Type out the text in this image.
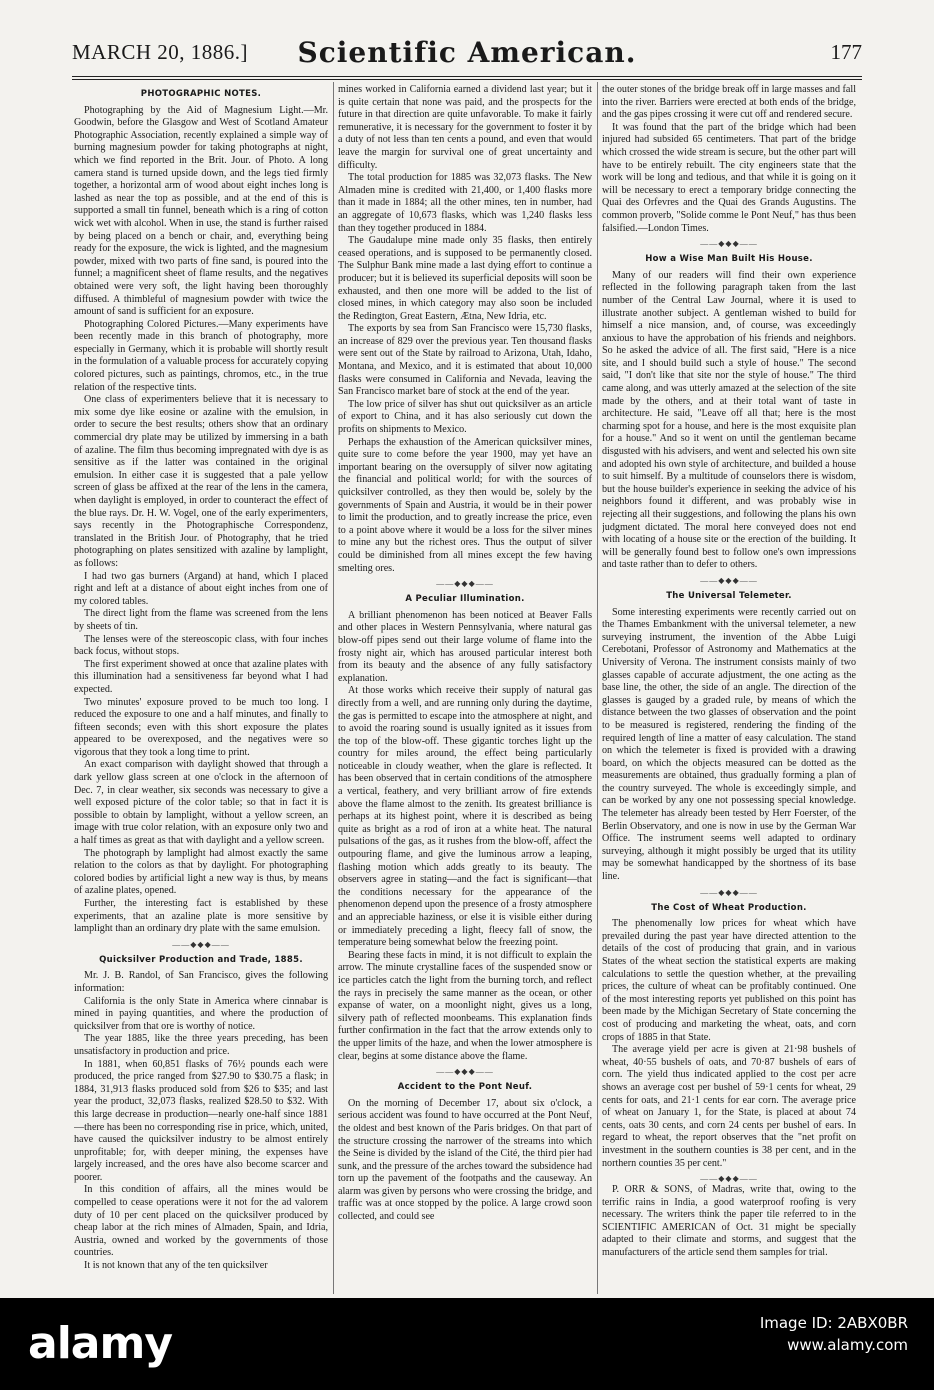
MARCH 20, 1886.]	Scientific American.	177
PHOTOGRAPHIC NOTES.

Photographing by the Aid of Magnesium Light.—Mr. Goodwin, before the Glasgow and West of Scotland Amateur Photographic Association, recently explained a simple way of burning magnesium powder for taking photographs at night, which we find reported in the Brit. Jour. of Photo. A long camera stand is turned upside down, and the legs tied firmly together, a horizontal arm of wood about eight inches long is lashed as near the top as possible, and at the end of this is supported a small tin funnel, beneath which is a ring of cotton wick wet with alcohol. When in use, the stand is further raised by being placed on a bench or chair, and, everything being ready for the exposure, the wick is lighted, and the magnesium powder, mixed with two parts of fine sand, is poured into the funnel; a magnificent sheet of flame results, and the negatives obtained were very soft, the light having been thoroughly diffused. A thimbleful of magnesium powder with twice the amount of sand is sufficient for an exposure.

Photographing Colored Pictures.—Many experiments have been recently made in this branch of photography, more especially in Germany, which it is probable will shortly result in the formulation of a valuable process for accurately copying colored pictures, such as paintings, chromos, etc., in the true relation of the respective tints.

One class of experimenters believe that it is necessary to mix some dye like eosine or azaline with the emulsion, in order to secure the best results; others show that an ordinary commercial dry plate may be utilized by immersing in a bath of azaline. The film thus becoming impregnated with dye is as sensitive as if the latter was contained in the original emulsion. In either case it is suggested that a pale yellow screen of glass be affixed at the rear of the lens in the camera, when daylight is employed, in order to counteract the effect of the blue rays. Dr. H. W. Vogel, one of the early experimenters, says recently in the Photographische Correspondenz, translated in the British Jour. of Photography, that he tried photographing on plates sensitized with azaline by lamplight, as follows:

I had two gas burners (Argand) at hand, which I placed right and left at a distance of about eight inches from one of my colored tables.

The direct light from the flame was screened from the lens by sheets of tin.

The lenses were of the stereoscopic class, with four inches back focus, without stops.

The first experiment showed at once that azaline plates with this illumination had a sensitiveness far beyond what I had expected.

Two minutes' exposure proved to be much too long. I reduced the exposure to one and a half minutes, and finally to fifteen seconds; even with this short exposure the plates appeared to be overexposed, and the negatives were so vigorous that they took a long time to print.

An exact comparison with daylight showed that through a dark yellow glass screen at one o'clock in the afternoon of Dec. 7, in clear weather, six seconds was necessary to give a well exposed picture of the color table; so that in fact it is possible to obtain by lamplight, without a yellow screen, an image with true color relation, with an exposure only two and a half times as great as that with daylight and a yellow screen.

The photograph by lamplight had almost exactly the same relation to the colors as that by daylight. For photographing colored bodies by artificial light a new way is thus, by means of azaline plates, opened.

Further, the interesting fact is established by these experiments, that an azaline plate is more sensitive by lamplight than an ordinary dry plate with the same emulsion.

——◆◆◆——
Quicksilver Production and Trade, 1885.

Mr. J. B. Randol, of San Francisco, gives the following information:

California is the only State in America where cinnabar is mined in paying quantities, and where the production of quicksilver from that ore is worthy of notice.

The year 1885, like the three years preceding, has been unsatisfactory in production and price.

In 1881, when 60,851 flasks of 76½ pounds each were produced, the price ranged from $27.90 to $30.75 a flask; in 1884, 31,913 flasks produced sold from $26 to $35; and last year the product, 32,073 flasks, realized $28.50 to $32. With this large decrease in production—nearly one-half since 1881—there has been no corresponding rise in price, which, united, have caused the quicksilver industry to be almost entirely unprofitable; for, with deeper mining, the expenses have largely increased, and the ores have also become scarcer and poorer.

In this condition of affairs, all the mines would be compelled to cease operations were it not for the ad valorem duty of 10 per cent placed on the quicksilver produced by cheap labor at the rich mines of Almaden, Spain, and Idria, Austria, owned and worked by the governments of those countries.

It is not known that any of the ten quicksilver

mines worked in California earned a dividend last year; but it is quite certain that none was paid, and the prospects for the future in that direction are quite unfavorable. To make it fairly remunerative, it is necessary for the government to foster it by a duty of not less than ten cents a pound, and even that would leave the margin for survival one of great uncertainty and difficulty.

The total production for 1885 was 32,073 flasks. The New Almaden mine is credited with 21,400, or 1,400 flasks more than it made in 1884; all the other mines, ten in number, had an aggregate of 10,673 flasks, which was 1,240 flasks less than they together produced in 1884.

The Gaudalupe mine made only 35 flasks, then entirely ceased operations, and is supposed to be permanently closed. The Sulphur Bank mine made a last dying effort to continue a producer; but it is believed its superficial deposits will soon be exhausted, and then one more will be added to the list of closed mines, in which category may also soon be included the Redington, Great Eastern, Ætna, New Idria, etc.

The exports by sea from San Francisco were 15,730 flasks, an increase of 829 over the previous year. Ten thousand flasks were sent out of the State by railroad to Arizona, Utah, Idaho, Montana, and Mexico, and it is estimated that about 10,000 flasks were consumed in California and Nevada, leaving the San Francisco market bare of stock at the end of the year.

The low price of silver has shut out quicksilver as an article of export to China, and it has also seriously cut down the profits on shipments to Mexico.

Perhaps the exhaustion of the American quicksilver mines, quite sure to come before the year 1900, may yet have an important bearing on the oversupply of silver now agitating the financial and political world; for with the sources of quicksilver controlled, as they then would be, solely by the governments of Spain and Austria, it would be in their power to limit the production, and to greatly increase the price, even to a point above where it would be a loss for the silver mines to mine any but the richest ores. Thus the output of silver could be diminished from all mines except the few having smelting ores.

——◆◆◆——
A Peculiar Illumination.

A brilliant phenomenon has been noticed at Beaver Falls and other places in Western Pennsylvania, where natural gas blow-off pipes send out their large volume of flame into the frosty night air, which has aroused particular interest both from its beauty and the absence of any fully satisfactory explanation.

At those works which receive their supply of natural gas directly from a well, and are running only during the daytime, the gas is permitted to escape into the atmosphere at night, and to avoid the roaring sound is usually ignited as it issues from the top of the blow-off. These gigantic torches light up the country for miles around, the effect being particularly noticeable in cloudy weather, when the glare is reflected. It has been observed that in certain conditions of the atmosphere a vertical, feathery, and very brilliant arrow of fire extends above the flame almost to the zenith. Its greatest brilliance is perhaps at its highest point, where it is described as being quite as bright as a rod of iron at a white heat. The natural pulsations of the gas, as it rushes from the blow-off, affect the outpouring flame, and give the luminous arrow a leaping, flashing motion which adds greatly to its beauty. The observers agree in stating—and the fact is significant—that the conditions necessary for the appearance of the phenomenon depend upon the presence of a frosty atmosphere and an appreciable haziness, or else it is visible either during or immediately preceding a light, fleecy fall of snow, the temperature being somewhat below the freezing point.

Bearing these facts in mind, it is not difficult to explain the arrow. The minute crystalline faces of the suspended snow or ice particles catch the light from the burning torch, and reflect the rays in precisely the same manner as the ocean, or other expanse of water, on a moonlight night, gives us a long, silvery path of reflected moonbeams. This explanation finds further confirmation in the fact that the arrow extends only to the upper limits of the haze, and when the lower atmosphere is clear, begins at some distance above the flame.

——◆◆◆——
Accident to the Pont Neuf.

On the morning of December 17, about six o'clock, a serious accident was found to have occurred at the Pont Neuf, the oldest and best known of the Paris bridges. On that part of the structure crossing the narrower of the streams into which the Seine is divided by the island of the Cité, the third pier had sunk, and the pressure of the arches toward the subsidence had torn up the pavement of the footpaths and the causeway. An alarm was given by persons who were crossing the bridge, and traffic was at once stopped by the police. A large crowd soon collected, and could see

the outer stones of the bridge break off in large masses and fall into the river. Barriers were erected at both ends of the bridge, and the gas pipes crossing it were cut off and rendered secure.

It was found that the part of the bridge which had been injured had subsided 65 centimeters. That part of the bridge which crossed the wide stream is secure, but the other part will have to be entirely rebuilt. The city engineers state that the work will be long and tedious, and that while it is going on it will be necessary to erect a temporary bridge connecting the Quai des Orfevres and the Quai des Grands Augustins. The common proverb, "Solide comme le Pont Neuf," has thus been falsified.—London Times.

——◆◆◆——
How a Wise Man Built His House.

Many of our readers will find their own experience reflected in the following paragraph taken from the last number of the Central Law Journal, where it is used to illustrate another subject. A gentleman wished to build for himself a nice mansion, and, of course, was exceedingly anxious to have the approbation of his friends and neighbors. So he asked the advice of all. The first said, "Here is a nice site, and I should build such a style of house." The second said, "I don't like that site nor the style of house." The third came along, and was utterly amazed at the selection of the site made by the others, and at their total want of taste in architecture. He said, "Leave off all that; here is the most charming spot for a house, and here is the most exquisite plan for a house." And so it went on until the gentleman became disgusted with his advisers, and went and selected his own site and adopted his own style of architecture, and builded a house to suit himself. By a multitude of counselors there is wisdom, but the house builder's experience in seeking the advice of his neighbors found it different, and was probably wise in rejecting all their suggestions, and following the plans his own judgment dictated. The moral here conveyed does not end with locating of a house site or the erection of the building. It will be generally found best to follow one's own impressions and taste rather than to defer to others.

——◆◆◆——
The Universal Telemeter.

Some interesting experiments were recently carried out on the Thames Embankment with the universal telemeter, a new surveying instrument, the invention of the Abbe Luigi Cerebotani, Professor of Astronomy and Mathematics at the University of Verona. The instrument consists mainly of two glasses capable of accurate adjustment, the one acting as the base line, the other, the side of an angle. The direction of the glasses is gauged by a graded rule, by means of which the distance between the two glasses of observation and the point to be measured is registered, rendering the finding of the required length of line a matter of easy calculation. The stand on which the telemeter is fixed is provided with a drawing board, on which the objects measured can be dotted as the measurements are obtained, thus gradually forming a plan of the country surveyed. The whole is exceedingly simple, and can be worked by any one not possessing special knowledge. The telemeter has already been tested by Herr Foerster, of the Berlin Observatory, and one is now in use by the German War Office. The instrument seems well adapted to ordinary surveying, although it might possibly be urged that its utility may be somewhat handicapped by the shortness of its base line.

——◆◆◆——
The Cost of Wheat Production.

The phenomenally low prices for wheat which have prevailed during the past year have directed attention to the details of the cost of producing that grain, and in various States of the wheat section the statistical experts are making calculations to settle the question whether, at the prevailing prices, the culture of wheat can be profitably continued. One of the most interesting reports yet published on this point has been made by the Michigan Secretary of State concerning the cost of producing and marketing the wheat, oats, and corn crops of 1885 in that State.

The average yield per acre is given at 21·98 bushels of wheat, 40·55 bushels of oats, and 70·87 bushels of ears of corn. The yield thus indicated applied to the cost per acre shows an average cost per bushel of 59·1 cents for wheat, 29 cents for oats, and 21·1 cents for ear corn. The average price of wheat on January 1, for the State, is placed at about 74 cents, oats 30 cents, and corn 24 cents per bushel of ears. In regard to wheat, the report observes that the "net profit on investment in the southern counties is 38 per cent, and in the northern counties 35 per cent."

——◆◆◆——

P. ORR & SONS, of Madras, write that, owing to the terrific rains in India, a good waterproof roofing is very necessary. The writers think the paper tile referred to in the SCIENTIFIC AMERICAN of Oct. 31 might be specially adapted to their climate and storms, and suggest that the manufacturers of the article send them samples for trial.

alamy	Image ID: 2ABX0BR
www.alamy.com
